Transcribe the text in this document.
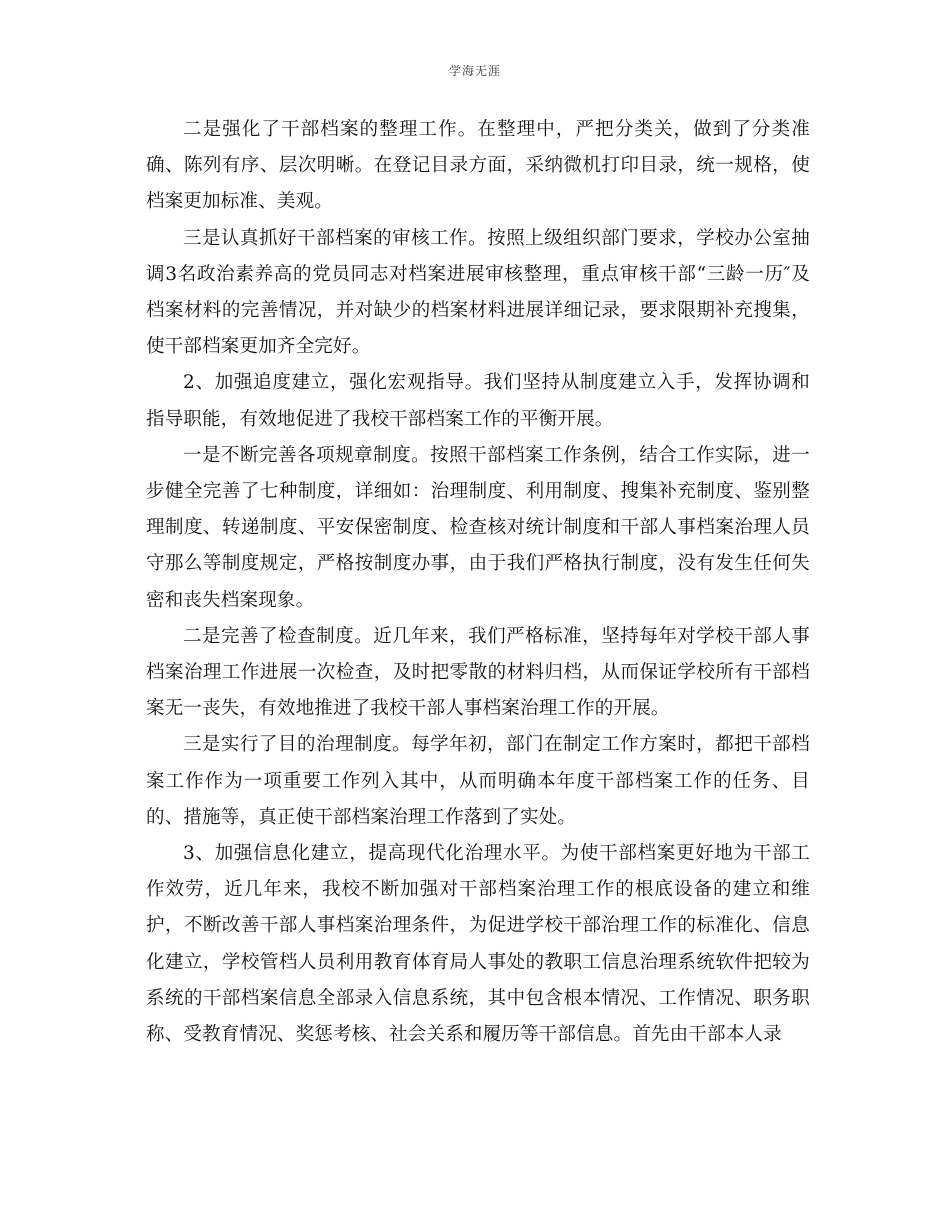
学海无涯

二是强化了干部档案的整理工作。在整理中，严把分类关，做到了分类准确、陈列有序、层次明晰。在登记目录方面，采纳微机打印目录，统一规格，使档案更加标准、美观。

三是认真抓好干部档案的审核工作。按照上级组织部门要求，学校办公室抽调3名政治素养高的党员同志对档案进展审核整理，重点审核干部“三龄一历″及档案材料的完善情况，并对缺少的档案材料进展详细记录，要求限期补充搜集，使干部档案更加齐全完好。

2、加强追度建立，强化宏观指导。我们坚持从制度建立入手，发挥协调和指导职能，有效地促进了我校干部档案工作的平衡开展。

一是不断完善各项规章制度。按照干部档案工作条例，结合工作实际，进一步健全完善了七种制度，详细如：治理制度、利用制度、搜集补充制度、鉴别整理制度、转递制度、平安保密制度、检查核对统计制度和干部人事档案治理人员守那么等制度规定，严格按制度办事，由于我们严格执行制度，没有发生任何失密和丧失档案现象。

二是完善了检查制度。近几年来，我们严格标准，坚持每年对学校干部人事档案治理工作进展一次检查，及时把零散的材料归档，从而保证学校所有干部档案无一丧失，有效地推进了我校干部人事档案治理工作的开展。

三是实行了目的治理制度。每学年初，部门在制定工作方案时，都把干部档案工作作为一项重要工作列入其中，从而明确本年度干部档案工作的任务、目的、措施等，真正使干部档案治理工作落到了实处。

3、加强信息化建立，提高现代化治理水平。为使干部档案更好地为干部工作效劳，近几年来，我校不断加强对干部档案治理工作的根底设备的建立和维护，不断改善干部人事档案治理条件，为促进学校干部治理工作的标准化、信息化建立，学校管档人员利用教育体育局人事处的教职工信息治理系统软件把较为系统的干部档案信息全部录入信息系统，其中包含根本情况、工作情况、职务职称、受教育情况、奖惩考核、社会关系和履历等干部信息。首先由干部本人录
